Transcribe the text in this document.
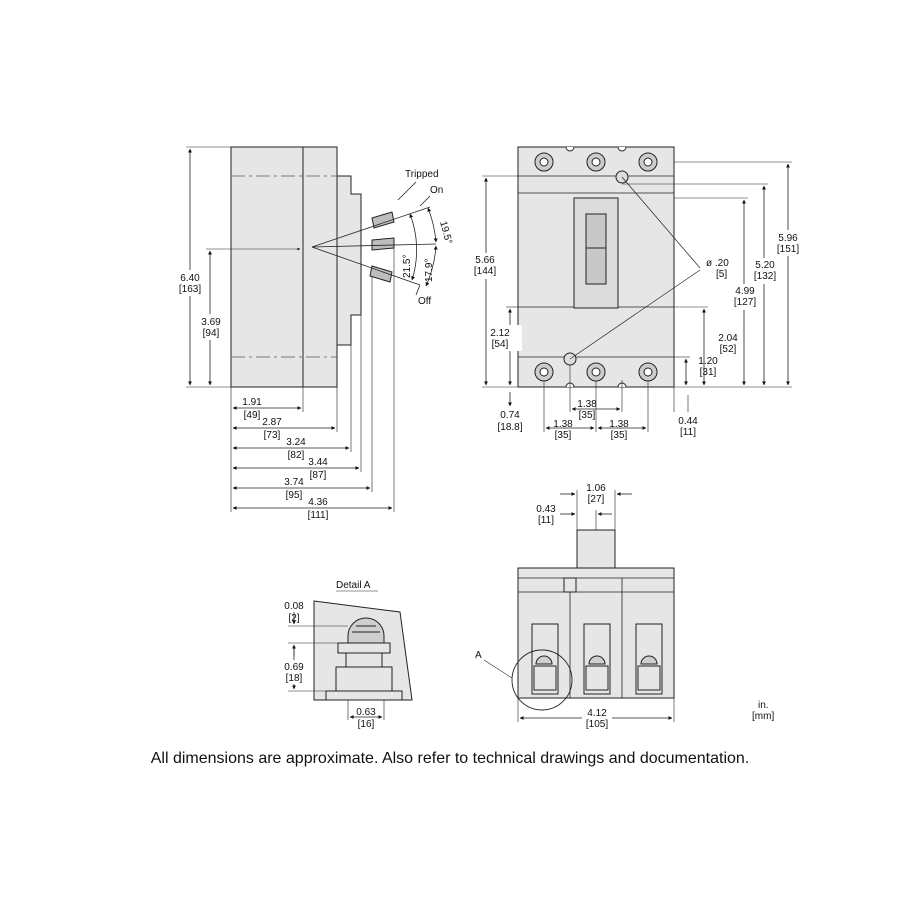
Tripped
On
Off
19.5°
21.5° 17.9°
6.40
[163]
3.69
[94]
1.91
[49]
2.87
[73]
3.24
[82]
3.44
[87]
3.74
[95]
4.36
[111]
ø .20
[5]
5.66
[144]
2.12
[54]
0.74
[18.8]
5.96
[151]
5.20
[132]
4.99
[127]
2.04
[52]
1.20
[31]
1.38
[35]
1.38
[35]
1.38
[35]
0.44
[11]
Detail A
0.08
[2]
0.69
[18]
0.63
[16]
A
1.06
[27]
0.43
[11]
4.12
[105]
in.
[mm]
All dimensions are approximate. Also refer to technical drawings and documentation.
